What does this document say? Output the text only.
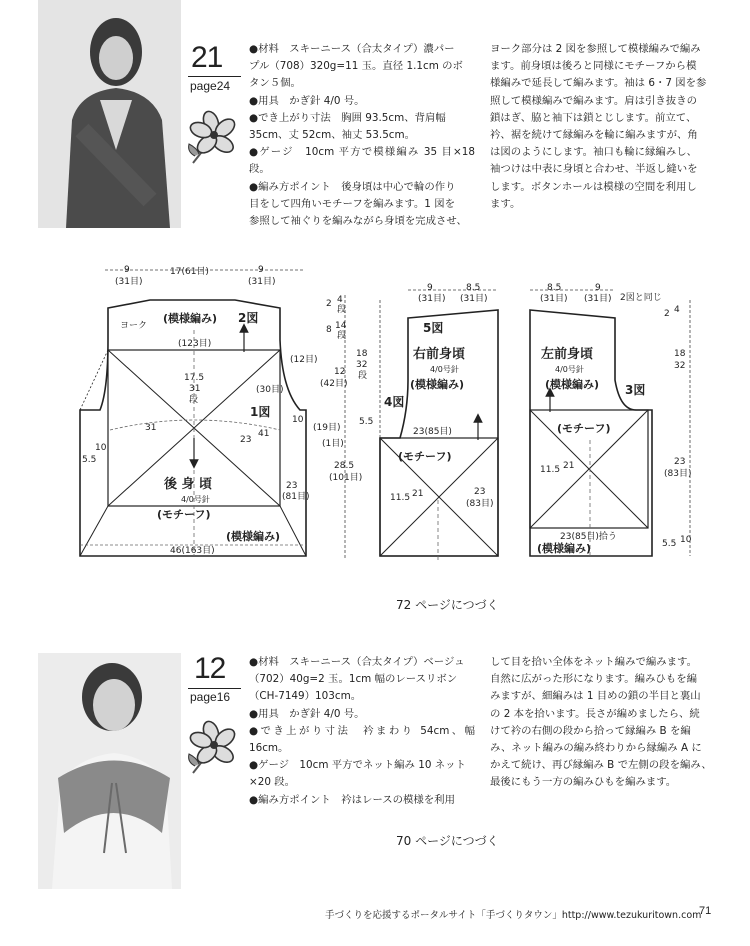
21
page24

●材料　スキーニース（合太タイプ）濃パー

プル（708）320g=11 玉。直径 1.1cm のボ

タン５個。

●用具　かぎ針 4/0 号。

●でき上がり寸法　胸囲 93.5cm、背肩幅

35cm、丈 52cm、袖丈 53.5cm。

●ゲージ　10cm 平方で模様編み 35 目×18 段。

●編み方ポイント　後身頃は中心で輪の作り

目をして四角いモチーフを編みます。1 図を

参照して袖ぐりを編みながら身頃を完成させ、

ヨーク部分は 2 図を参照して模様編みで編み

ます。前身頃は後ろと同様にモチーフから模

様編みで延長して編みます。袖は 6・7 図を参

照して模様編みで編みます。肩は引き抜きの

鎖はぎ、脇と袖下は鎖とじします。前立て、

衿、裾を続けて縁編みを輪に編みますが、角

は図のようにします。袖口も輪に縁編みし、

袖つけは中表に身頃と合わせ、半返し縫いを

します。ボタンホールは模様の空間を利用し

ます。

9
(31目)
17(61目)	9
(31目)
ヨーク
(模様編み) 2図
(123目)
17.5
31
段
1図
23
41
31
10
5.5
(12目)
(30目)
10
(1目)
(19目)
後 身 頃
4/0号針
(モチーフ)
(模様編み)
46(163目)
23
(81目)
2 4
段
8 14
段
12
(42目)
18
32
段
5.5
28.5
(101目)
9
(31目)
8.5
(31目)
8.5
(31目)
9
(31目)
5図
右前身頃
4/0号針
(模様編み)
4図
23(85目)
(モチーフ)
11.5 21	23
(83目)
2図と同じ
左前身頃
4/0号針
(模様編み) 3図
(モチーフ)
11.5 21
23(85目)拾う
(模様編み)
2 4
18
32
23
(83目)
5.5 10
72 ページにつづく
12
page16

●材料　スキーニース（合太タイプ）ベージュ

（702）40g=2 玉。1cm 幅のレースリボン

（CH-7149）103cm。

●用具　かぎ針 4/0 号。

●でき上がり寸法　衿まわり 54cm、幅16cm。

●ゲージ　10cm 平方でネット編み 10 ネット

×20 段。

●編み方ポイント　衿はレースの模様を利用

して目を拾い全体をネット編みで編みます。

自然に広がった形になります。編みひもを編

みますが、細編みは 1 目めの鎖の半目と裏山

の 2 本を拾います。長さが編めましたら、続

けて衿の右側の段から拾って縁編み B を編

み、ネット編みの編み終わりから縁編み A に

かえて続け、再び縁編み B で左側の段を編み、

最後にもう一方の編みひもを編みます。

70 ページにつづく
手づくりを応援するポータルサイト「手づくりタウン」http://www.tezukuritown.com
71
